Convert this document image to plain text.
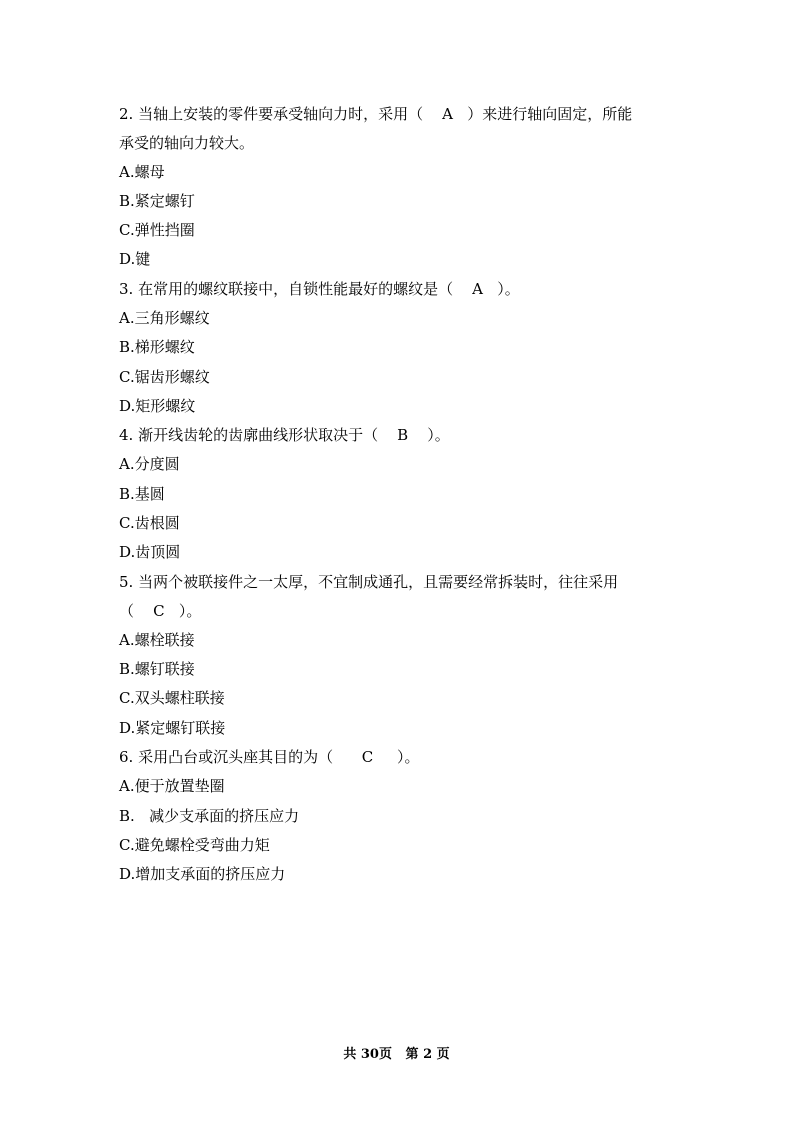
2. 当轴上安装的零件要承受轴向力时，采用（    A   ）来进行轴向固定，所能
承受的轴向力较大。
A.螺母
B.紧定螺钉
C.弹性挡圈
D.键
3. 在常用的螺纹联接中，自锁性能最好的螺纹是（    A   ）。
A.三角形螺纹
B.梯形螺纹
C.锯齿形螺纹
D.矩形螺纹
4. 渐开线齿轮的齿廓曲线形状取决于（    B    ）。
A.分度圆
B.基圆
C.齿根圆
D.齿顶圆
5. 当两个被联接件之一太厚，不宜制成通孔，且需要经常拆装时，往往采用
（    C   ）。
A.螺栓联接
B.螺钉联接
C.双头螺柱联接
D.紧定螺钉联接
6. 采用凸台或沉头座其目的为（      C     ）。
A.便于放置垫圈
B.   减少支承面的挤压应力
C.避免螺栓受弯曲力矩
D.增加支承面的挤压应力
共 30页   第 2 页
